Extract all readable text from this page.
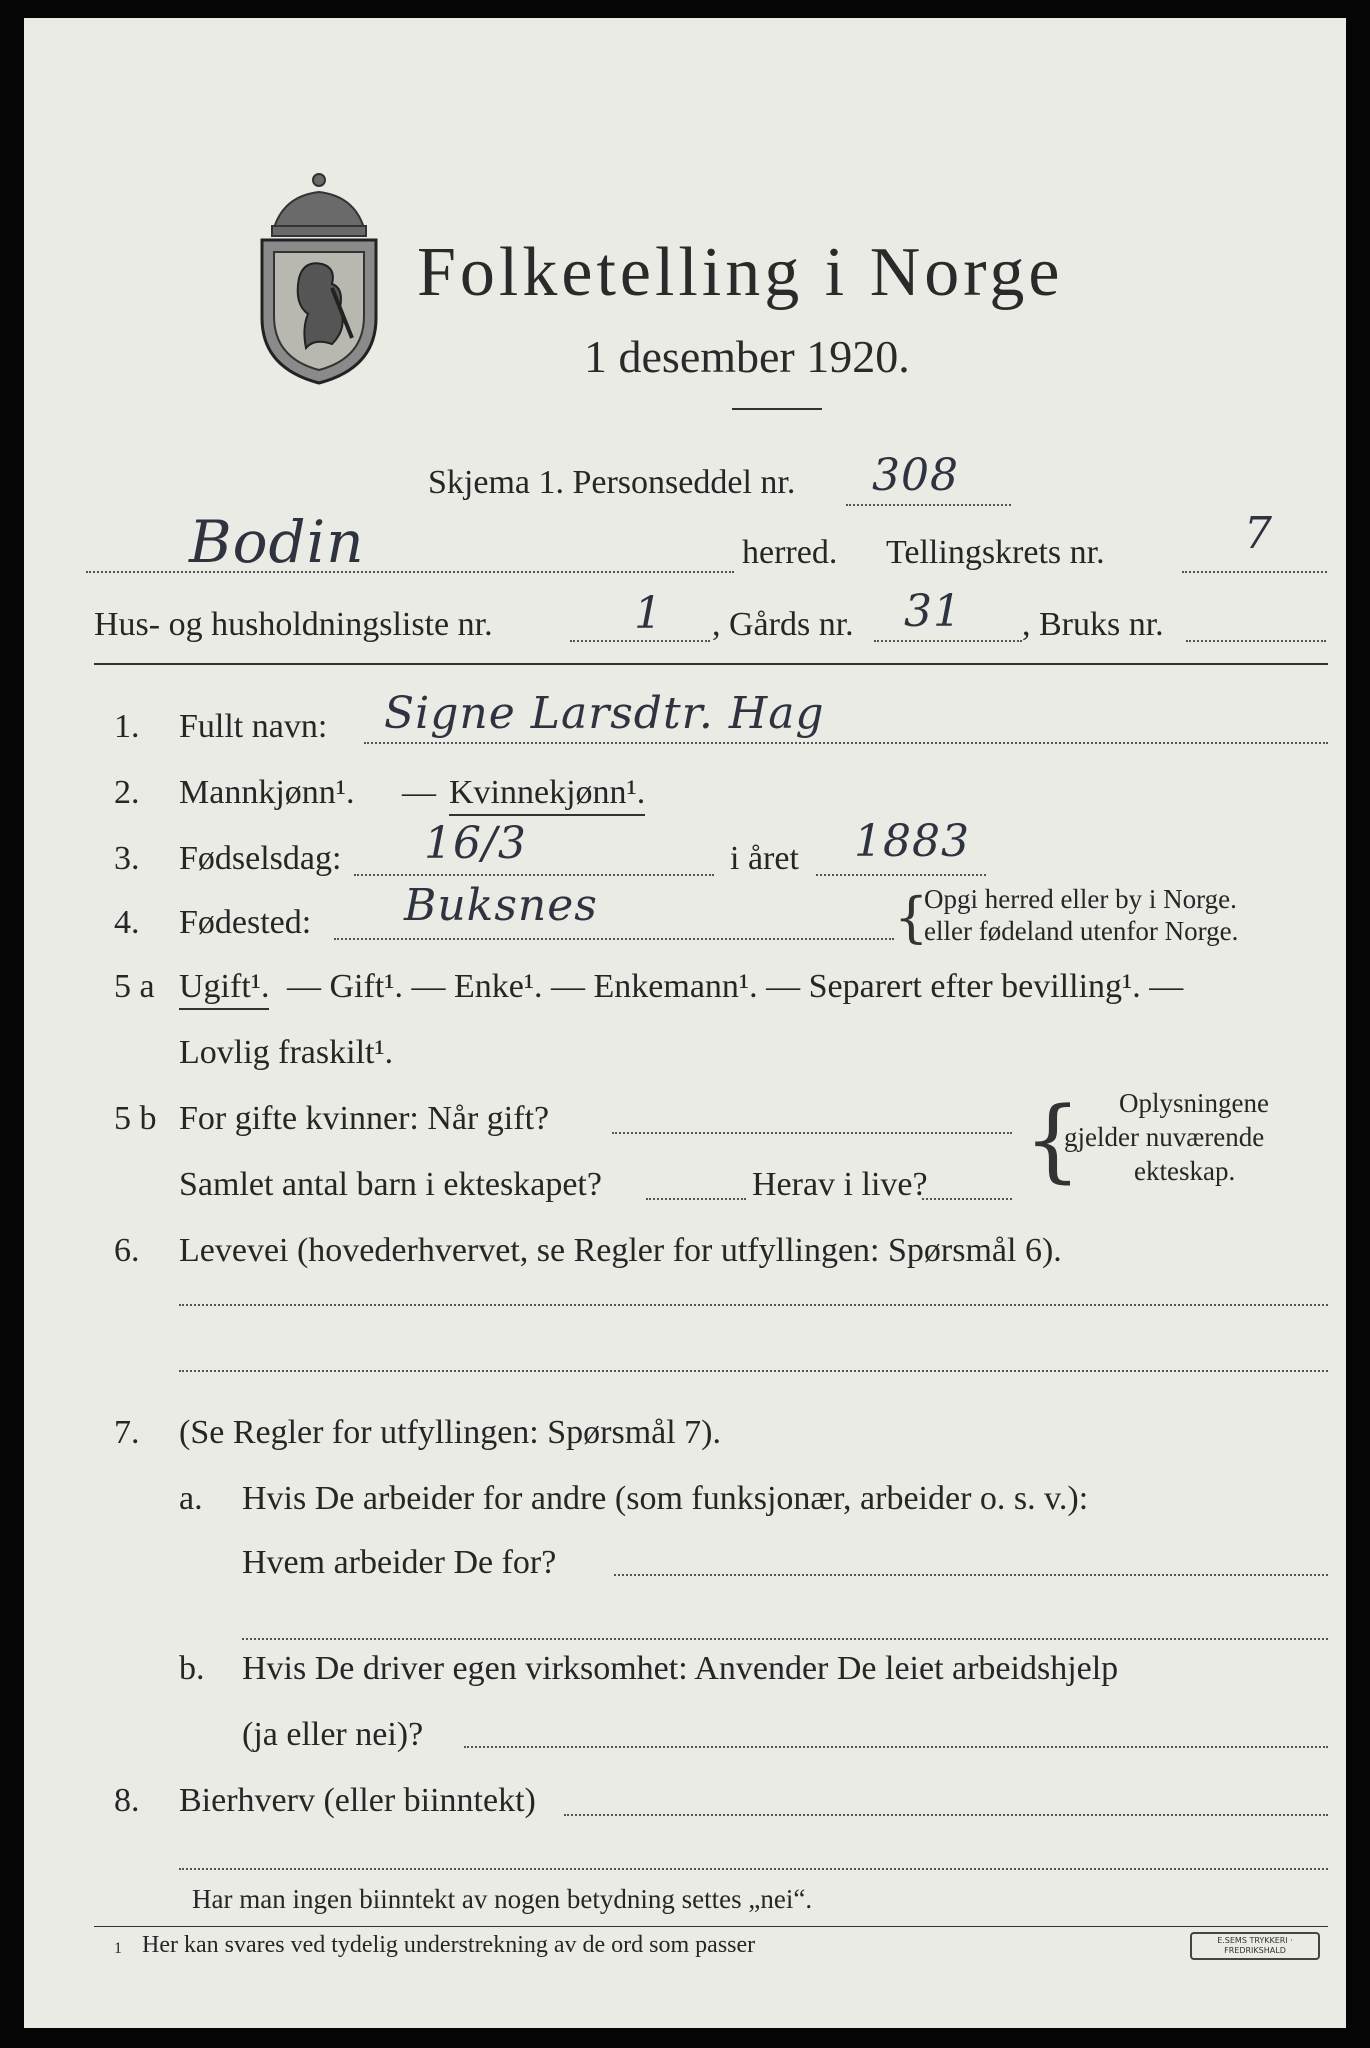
Folketelling i Norge
1 desember 1920.
Skjema 1. Personseddel nr. 308
Bodin	herred. Tellingskrets nr.	7
Hus- og husholdningsliste nr.	1 , Gårds nr. 31 , Bruks nr.
1. Fullt navn: Signe Larsdtr. Hag
2. Mannkjønn¹. — Kvinnekjønn¹.
3. Fødselsdag: 16/3	i året 1883
4. Fødested: Buksnes	{
Opgi herred eller by i Norge.
eller fødeland utenfor Norge.
5 a Ugift¹. — Gift¹. — Enke¹. — Enkemann¹. — Separert efter bevilling¹. —
Lovlig fraskilt¹.
5 b For gifte kvinner: Når gift?
Samlet antal barn i ekteskapet?	Herav i live? { Oplysningene
gjelder nuværende
ekteskap.
6. Levevei (hovederhvervet, se Regler for utfyllingen: Spørsmål 6).
7. (Se Regler for utfyllingen: Spørsmål 7).
a. Hvis De arbeider for andre (som funksjonær, arbeider o. s. v.):
Hvem arbeider De for?
b. Hvis De driver egen virksomhet: Anvender De leiet arbeidshjelp
(ja eller nei)?
8. Bierhverv (eller biinntekt)
Har man ingen biinntekt av nogen betydning settes „nei“.
1 Her kan svares ved tydelig understrekning av de ord som passer	E.SEMS TRYKKERI · FREDRIKSHALD
